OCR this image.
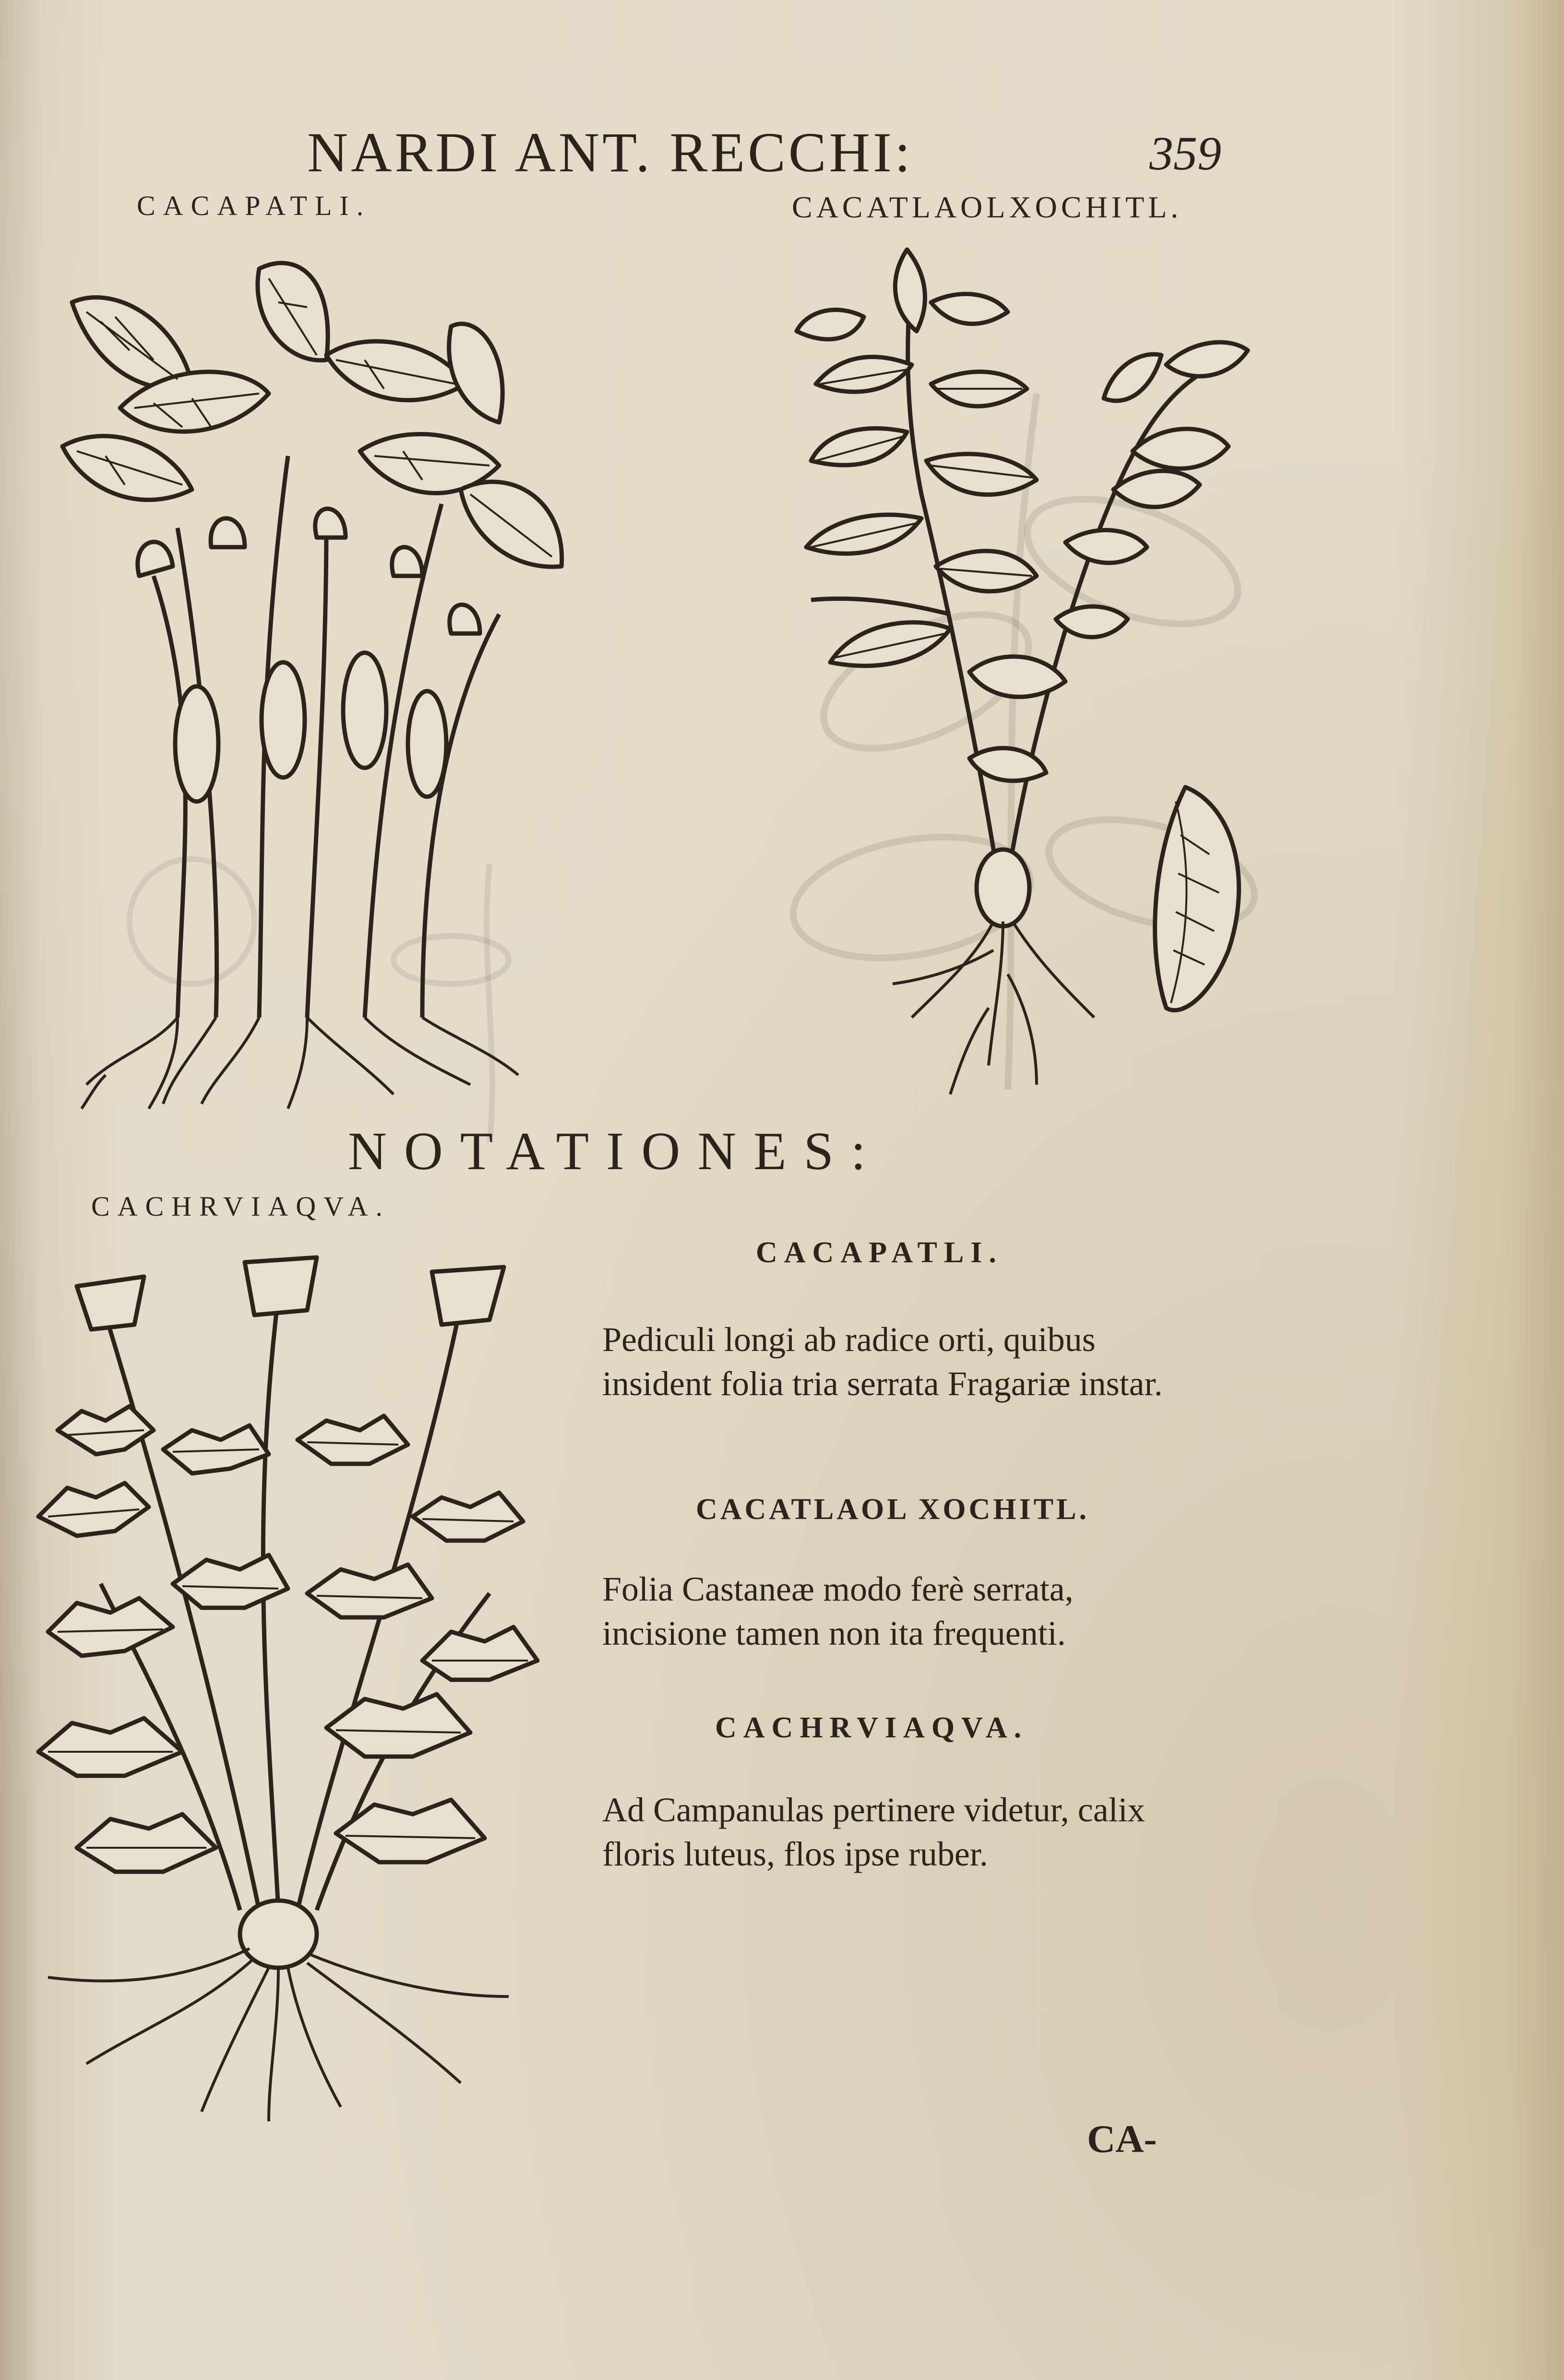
NARDI ANT. RECCHI:	359
CACAPATLI.	CACATLAOLXOCHITL.
NOTATIONES:
CACHRVIAQVA.
CACAPATLI.
Pediculi longi ab radice orti, quibus insident folia tria serrata Fragariæ instar.
CACATLAOL XOCHITL.
Folia Castaneæ modo ferè serrata, incisione tamen non ita frequenti.
CACHRVIAQVA.
Ad Campanulas pertinere videtur, calix floris luteus, flos ipse ruber.
CA-
